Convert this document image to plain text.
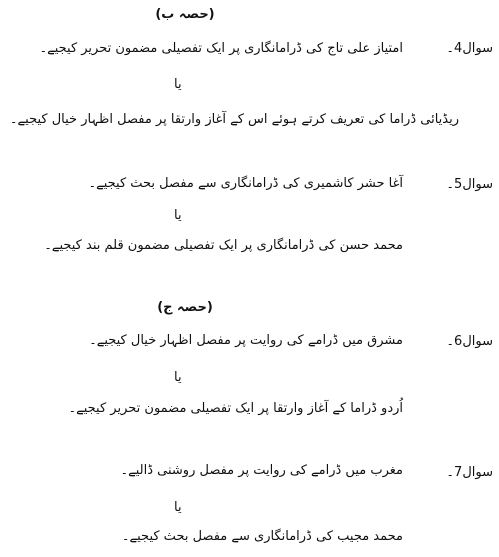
(حصہ ب)
سوال4۔
امتیاز علی تاج کی ڈرامانگاری پر ایک تفصیلی مضمون تحریر کیجیے۔
یا
ریڈیائی ڈراما کی تعریف کرتے ہوئے اس کے آغاز وارتقا پر مفصل اظہار خیال کیجیے۔
سوال5۔
آغا حشر کاشمیری کی ڈرامانگاری سے مفصل بحث کیجیے۔
یا
محمد حسن کی ڈرامانگاری پر ایک تفصیلی مضمون قلم بند کیجیے۔
(حصہ ج)
سوال6۔
مشرق میں ڈرامے کی روایت پر مفصل اظہار خیال کیجیے۔
یا
اُردو ڈراما کے آغاز وارتقا پر ایک تفصیلی مضمون تحریر کیجیے۔
سوال7۔
مغرب میں ڈرامے کی روایت پر مفصل روشنی ڈالیے۔
یا
محمد مجیب کی ڈرامانگاری سے مفصل بحث کیجیے۔
